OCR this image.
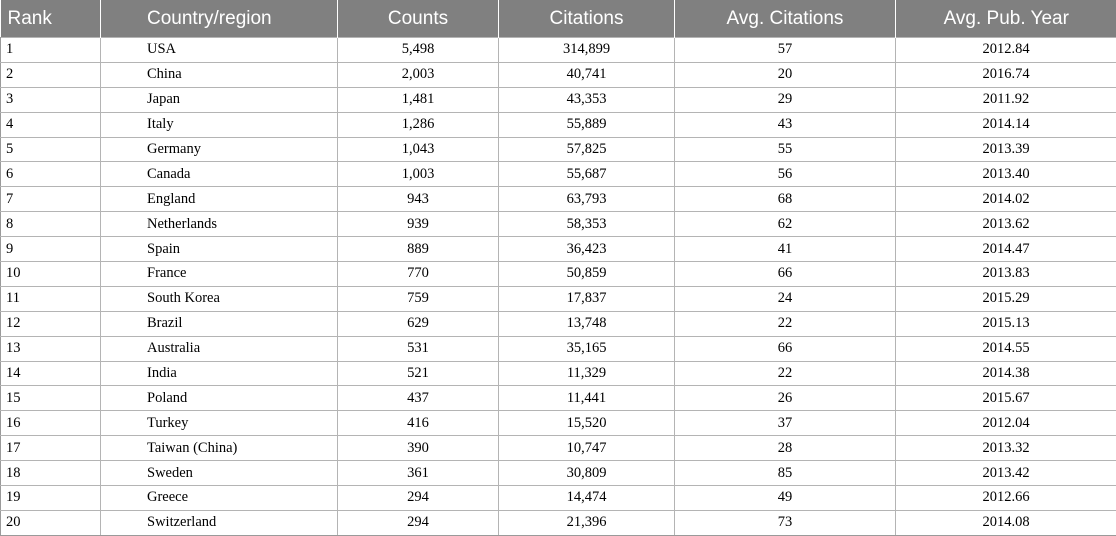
Rank	Country/region	Counts	Citations	Avg. Citations	Avg. Pub. Year
1	USA	5,498	314,899	57	2012.84
2	China	2,003	40,741	20	2016.74
3	Japan	1,481	43,353	29	2011.92
4	Italy	1,286	55,889	43	2014.14
5	Germany	1,043	57,825	55	2013.39
6	Canada	1,003	55,687	56	2013.40
7	England	943	63,793	68	2014.02
8	Netherlands	939	58,353	62	2013.62
9	Spain	889	36,423	41	2014.47
10	France	770	50,859	66	2013.83
11	South Korea	759	17,837	24	2015.29
12	Brazil	629	13,748	22	2015.13
13	Australia	531	35,165	66	2014.55
14	India	521	11,329	22	2014.38
15	Poland	437	11,441	26	2015.67
16	Turkey	416	15,520	37	2012.04
17	Taiwan (China)	390	10,747	28	2013.32
18	Sweden	361	30,809	85	2013.42
19	Greece	294	14,474	49	2012.66
20	Switzerland	294	21,396	73	2014.08
